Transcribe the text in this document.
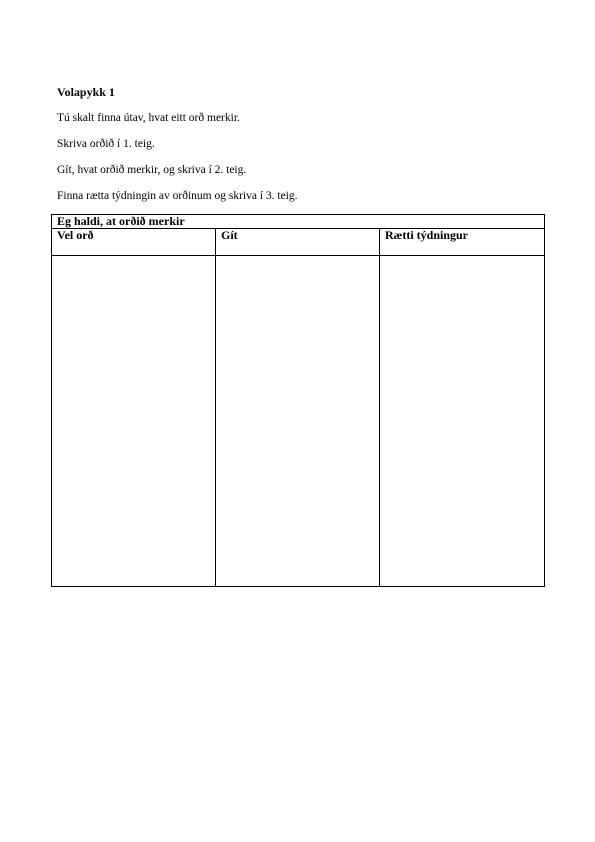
Volapykk 1
Tú skalt finna útav, hvat eitt orð merkir.
Skriva orðið í 1. teig.
Gít, hvat orðið merkir, og skriva í 2. teig.
Finna rætta týdningin av orðinum og skriva í 3. teig.
Eg haldi, at orðið merkir		
Vel orð	Gít	Rætti týdningur
